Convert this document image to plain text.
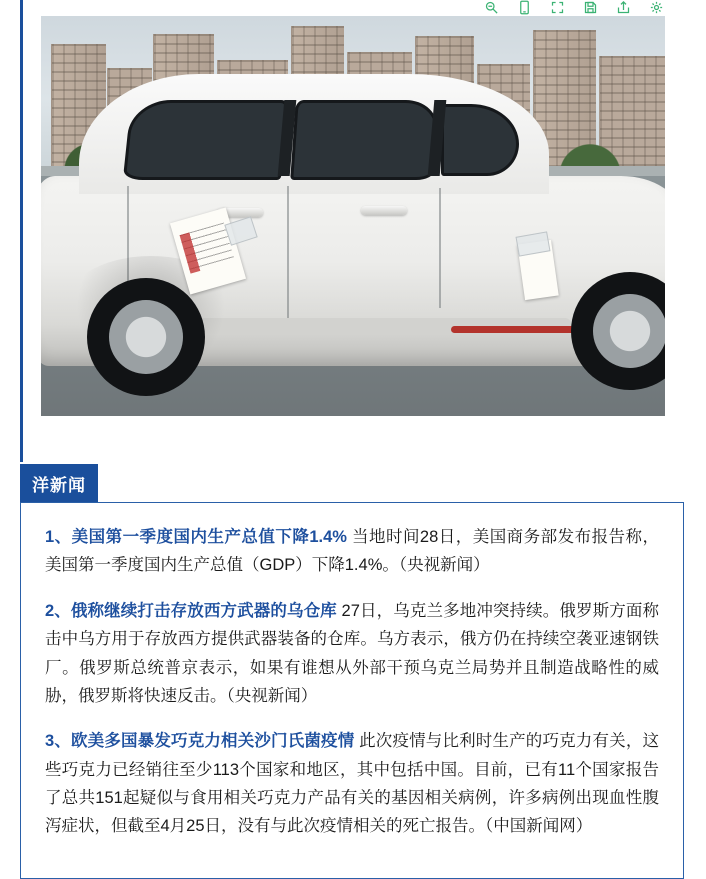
洋新闻

1、美国第一季度国内生产总值下降1.4% 当地时间28日，美国商务部发布报告称，美国第一季度国内生产总值（GDP）下降1.4%。（央视新闻）

2、俄称继续打击存放西方武器的乌仓库 27日，乌克兰多地冲突持续。俄罗斯方面称击中乌方用于存放西方提供武器装备的仓库。乌方表示，俄方仍在持续空袭亚速钢铁厂。俄罗斯总统普京表示，如果有谁想从外部干预乌克兰局势并且制造战略性的威胁，俄罗斯将快速反击。（央视新闻）

3、欧美多国暴发巧克力相关沙门氏菌疫情 此次疫情与比利时生产的巧克力有关，这些巧克力已经销往至少113个国家和地区，其中包括中国。目前，已有11个国家报告了总共151起疑似与食用相关巧克力产品有关的基因相关病例，许多病例出现血性腹泻症状，但截至4月25日，没有与此次疫情相关的死亡报告。（中国新闻网）
